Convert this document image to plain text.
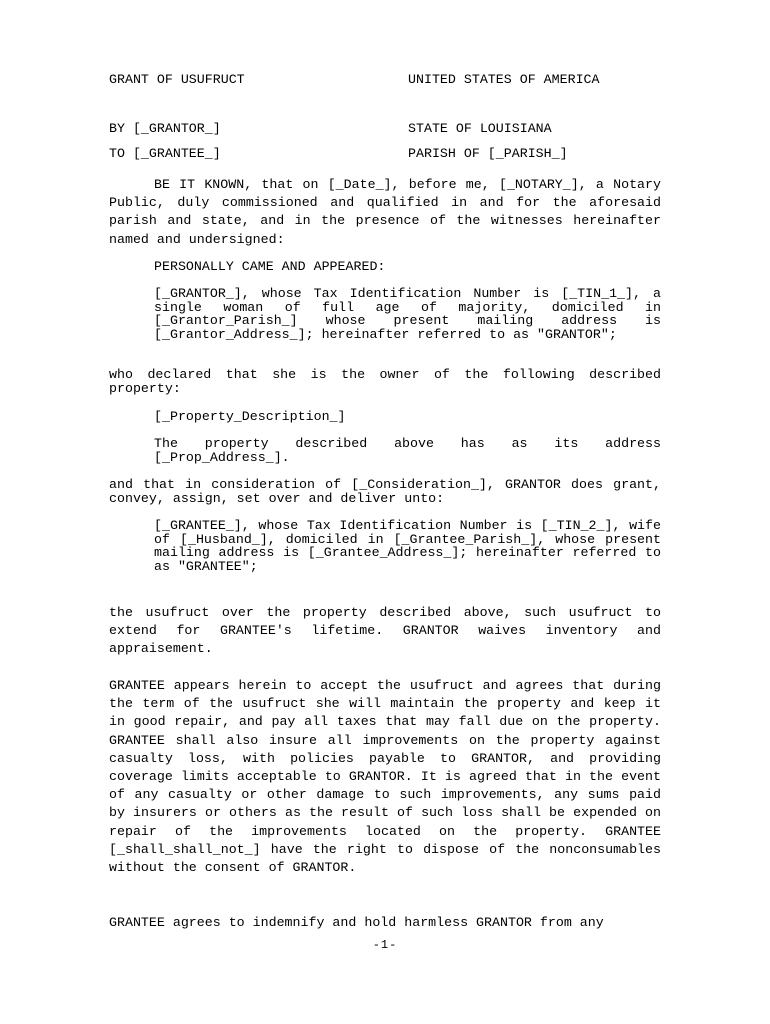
GRANT OF USUFRUCT	UNITED STATES OF AMERICA
BY [_GRANTOR_]	STATE OF LOUISIANA
TO [_GRANTEE_]	PARISH OF [_PARISH_]
BE IT KNOWN, that on [_Date_], before me, [_NOTARY_], a Notary Public, duly commissioned and qualified in and for the aforesaid parish and state, and in the presence of the witnesses hereinafter named and undersigned:
PERSONALLY CAME AND APPEARED:
[_GRANTOR_], whose Tax Identification Number is [_TIN_1_], a single woman of full age of majority, domiciled in [_Grantor_Parish_] whose present mailing address is [_Grantor_Address_]; hereinafter referred to as "GRANTOR";
who declared that she is the owner of the following described property:
[_Property_Description_]
The property described above has as its address [_Prop_Address_].
and that in consideration of [_Consideration_], GRANTOR does grant, convey, assign, set over and deliver unto:
[_GRANTEE_], whose Tax Identification Number is [_TIN_2_], wife of [_Husband_], domiciled in [_Grantee_Parish_], whose present mailing address is [_Grantee_Address_]; hereinafter referred to as "GRANTEE";
the usufruct over the property described above, such usufruct to extend for GRANTEE's lifetime. GRANTOR waives inventory and appraisement.
GRANTEE appears herein to accept the usufruct and agrees that during the term of the usufruct she will maintain the property and keep it in good repair, and pay all taxes that may fall due on the property. GRANTEE shall also insure all improvements on the property against casualty loss, with policies payable to GRANTOR, and providing coverage limits acceptable to GRANTOR. It is agreed that in the event of any casualty or other damage to such improvements, any sums paid by insurers or others as the result of such loss shall be expended on repair of the improvements located on the property. GRANTEE [_shall_shall_not_] have the right to dispose of the nonconsumables without the consent of GRANTOR.
GRANTEE agrees to indemnify and hold harmless GRANTOR from any
-1-
